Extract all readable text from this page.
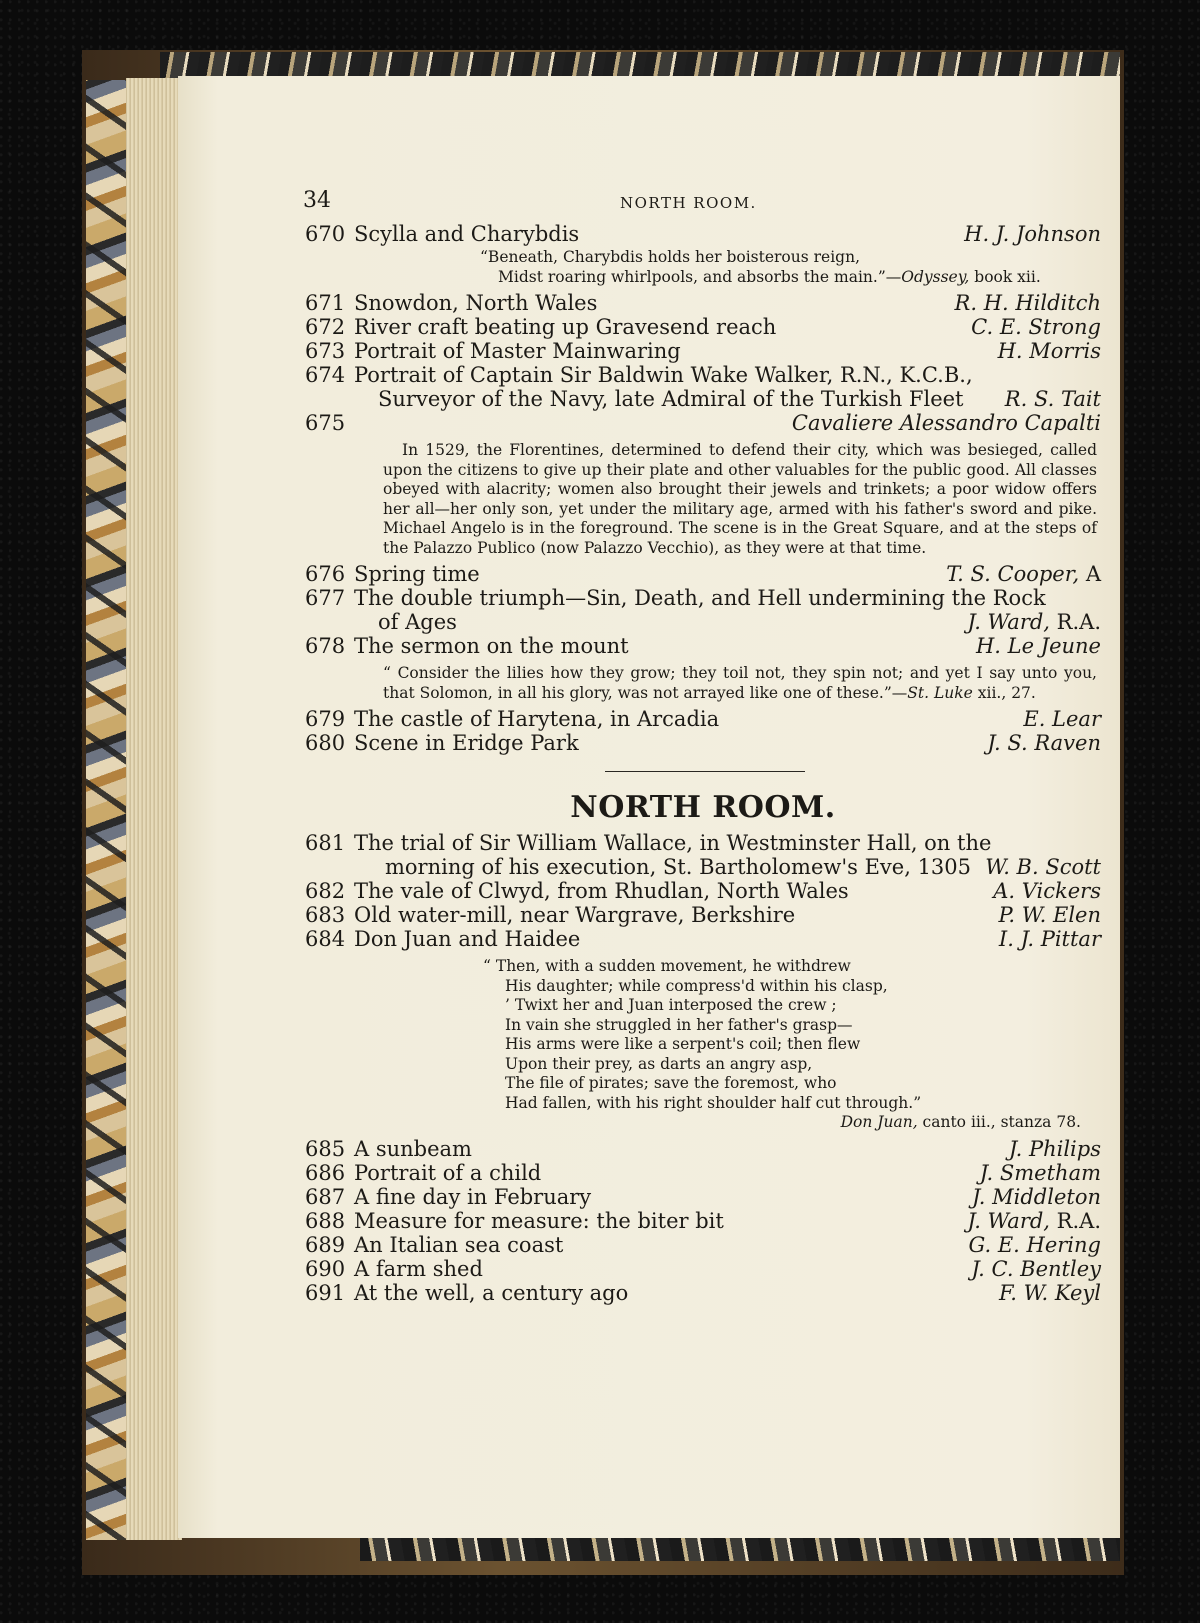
34	NORTH ROOM.
670 Scylla and Charybdis	H. J. Johnson
“Beneath, Charybdis holds her boisterous reign,
Midst roaring whirlpools, and absorbs the main.”—Odyssey, book xii.
671 Snowdon, North Wales	R. H. Hilditch
672 River craft beating up Gravesend reach	C. E. Strong
673 Portrait of Master Mainwaring	H. Morris
674 Portrait of Captain Sir Baldwin Wake Walker, R.N., K.C.B.,
Surveyor of the Navy, late Admiral of the Turkish Fleet R. S. Tait
675	Cavaliere Alessandro Capalti
In 1529, the Florentines, determined to defend their city, which was besieged, called upon the citizens to give up their plate and other valuables for the public good. All classes obeyed with alacrity; women also brought their jewels and trinkets; a poor widow offers her all—her only son, yet under the military age, armed with his father's sword and pike. Michael Angelo is in the foreground. The scene is in the Great Square, and at the steps of the Palazzo Publico (now Palazzo Vecchio), as they were at that time.
676 Spring time	T. S. Cooper, A
677 The double triumph—Sin, Death, and Hell undermining the Rock
of Ages	J. Ward, R.A.
678 The sermon on the mount	H. Le Jeune
“ Consider the lilies how they grow; they toil not, they spin not; and yet I say unto you, that Solomon, in all his glory, was not arrayed like one of these.”—St. Luke xii., 27.
679 The castle of Harytena, in Arcadia	E. Lear
680 Scene in Eridge Park	J. S. Raven
NORTH ROOM.
681 The trial of Sir William Wallace, in Westminster Hall, on the
morning of his execution, St. Bartholomew's Eve, 1305 W. B. Scott
682 The vale of Clwyd, from Rhudlan, North Wales	A. Vickers
683 Old water-mill, near Wargrave, Berkshire	P. W. Elen
684 Don Juan and Haidee	I. J. Pittar
“ Then, with a sudden movement, he withdrew
His daughter; while compress'd within his clasp,
’ Twixt her and Juan interposed the crew ;
In vain she struggled in her father's grasp—
His arms were like a serpent's coil; then flew
Upon their prey, as darts an angry asp,
The file of pirates; save the foremost, who
Had fallen, with his right shoulder half cut through.”
Don Juan, canto iii., stanza 78.
685 A sunbeam	J. Philips
686 Portrait of a child	J. Smetham
687 A fine day in February	J. Middleton
688 Measure for measure: the biter bit	J. Ward, R.A.
689 An Italian sea coast	G. E. Hering
690 A farm shed	J. C. Bentley
691 At the well, a century ago	F. W. Keyl
